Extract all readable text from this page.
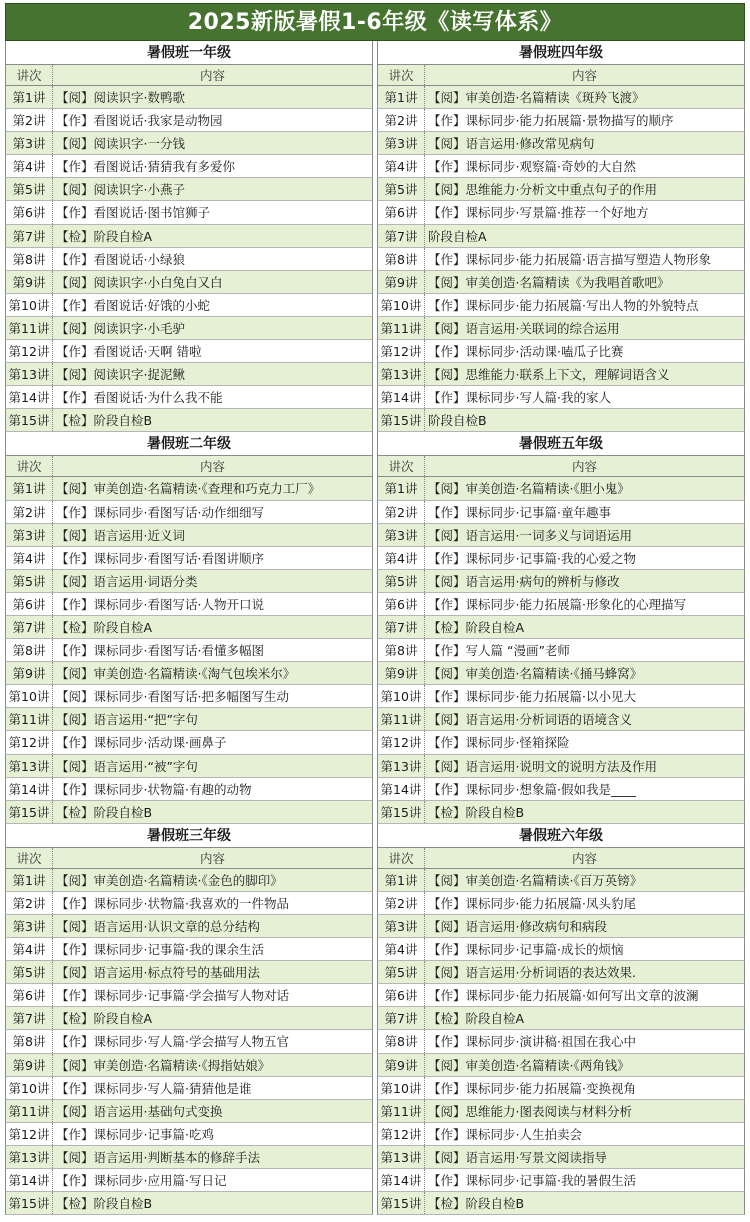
2025新版暑假1-6年级《读写体系》
暑假班一年级
讲次	内容
第1讲 【阅】阅读识字·数鸭歌
第2讲 【作】看图说话·我家是动物园
第3讲 【阅】阅读识字·一分钱
第4讲 【作】看图说话·猜猜我有多爱你
第5讲 【阅】阅读识字·小燕子
第6讲 【作】看图说话·图书馆狮子
第7讲 【检】阶段自检A
第8讲 【作】看图说话·小绿狼
第9讲 【阅】阅读识字·小白兔白又白
第10讲 【作】看图说话·好饿的小蛇
第11讲 【阅】阅读识字·小毛驴
第12讲 【作】看图说话·天啊 错啦
第13讲 【阅】阅读识字·捉泥鳅
第14讲 【作】看图说话·为什么我不能
第15讲 【检】阶段自检B
暑假班二年级
讲次	内容
第1讲 【阅】审美创造·名篇精读·《查理和巧克力工厂》
第2讲 【作】课标同步·看图写话·动作细细写
第3讲 【阅】语言运用·近义词
第4讲 【作】课标同步·看图写话·看图讲顺序
第5讲 【阅】语言运用·词语分类
第6讲 【作】课标同步·看图写话·人物开口说
第7讲 【检】阶段自检A
第8讲 【作】课标同步·看图写话·看懂多幅图
第9讲 【阅】审美创造·名篇精读·《淘气包埃米尔》
第10讲 【阅】课标同步·看图写话·把多幅图写生动
第11讲 【阅】语言运用·“把”字句
第12讲 【作】课标同步·活动课·画鼻子
第13讲 【阅】语言运用·“被”字句
第14讲 【作】课标同步·状物篇·有趣的动物
第15讲 【检】阶段自检B
暑假班三年级
讲次	内容
第1讲 【阅】审美创造·名篇精读·《金色的脚印》
第2讲 【作】课标同步·状物篇·我喜欢的一件物品
第3讲 【阅】语言运用·认识文章的总分结构
第4讲 【作】课标同步·记事篇·我的课余生活
第5讲 【阅】语言运用·标点符号的基础用法
第6讲 【作】课标同步·记事篇·学会描写人物对话
第7讲 【检】阶段自检A
第8讲 【作】课标同步·写人篇·学会描写人物五官
第9讲 【阅】审美创造·名篇精读·《拇指姑娘》
第10讲 【作】课标同步·写人篇·猜猜他是谁
第11讲 【阅】语言运用·基础句式变换
第12讲 【作】课标同步·记事篇·吃鸡
第13讲 【阅】语言运用·判断基本的修辞手法
第14讲 【作】课标同步·应用篇·写日记
第15讲 【检】阶段自检B
暑假班四年级
讲次	内容
第1讲 【阅】审美创造·名篇精读《斑羚飞渡》
第2讲 【作】课标同步·能力拓展篇·景物描写的顺序
第3讲 【阅】语言运用·修改常见病句
第4讲 【作】课标同步·观察篇·奇妙的大自然
第5讲 【阅】思维能力·分析文中重点句子的作用
第6讲 【作】课标同步·写景篇·推荐一个好地方
第7讲 阶段自检A
第8讲 【作】课标同步·能力拓展篇·语言描写塑造人物形象
第9讲 【阅】审美创造·名篇精读《为我唱首歌吧》
第10讲 【作】课标同步·能力拓展篇·写出人物的外貌特点
第11讲 【阅】语言运用·关联词的综合运用
第12讲 【作】课标同步·活动课·嗑瓜子比赛
第13讲 【阅】思维能力·联系上下文，理解词语含义
第14讲 【作】课标同步·写人篇·我的家人
第15讲 阶段自检B
暑假班五年级
讲次	内容
第1讲 【阅】审美创造·名篇精读·《胆小鬼》
第2讲 【作】课标同步·记事篇·童年趣事
第3讲 【阅】语言运用·一词多义与词语运用
第4讲 【作】课标同步·记事篇·我的心爱之物
第5讲 【阅】语言运用·病句的辨析与修改
第6讲 【作】课标同步·能力拓展篇·形象化的心理描写
第7讲 【检】阶段自检A
第8讲 【作】写人篇 “漫画”老师
第9讲 【阅】审美创造·名篇精读·《捅马蜂窝》
第10讲 【作】课标同步·能力拓展篇·以小见大
第11讲 【阅】语言运用·分析词语的语境含义
第12讲 【作】课标同步·怪箱探险
第13讲 【阅】语言运用·说明文的说明方法及作用
第14讲 【作】课标同步·想象篇·假如我是____
第15讲 【检】阶段自检B
暑假班六年级
讲次	内容
第1讲 【阅】审美创造·名篇精读·《百万英镑》
第2讲 【作】课标同步·能力拓展篇·凤头豹尾
第3讲 【阅】语言运用·修改病句和病段
第4讲 【作】课标同步·记事篇·成长的烦恼
第5讲 【阅】语言运用·分析词语的表达效果.
第6讲 【作】课标同步·能力拓展篇·如何写出文章的波澜
第7讲 【检】阶段自检A
第8讲 【作】课标同步·演讲稿·祖国在我心中
第9讲 【阅】审美创造·名篇精读·《两角钱》
第10讲 【作】课标同步·能力拓展篇·变换视角
第11讲 【阅】思维能力·图表阅读与材料分析
第12讲 【作】课标同步·人生拍卖会
第13讲 【阅】语言运用·写景文阅读指导
第14讲 【作】课标同步·记事篇·我的暑假生活
第15讲 【检】阶段自检B
